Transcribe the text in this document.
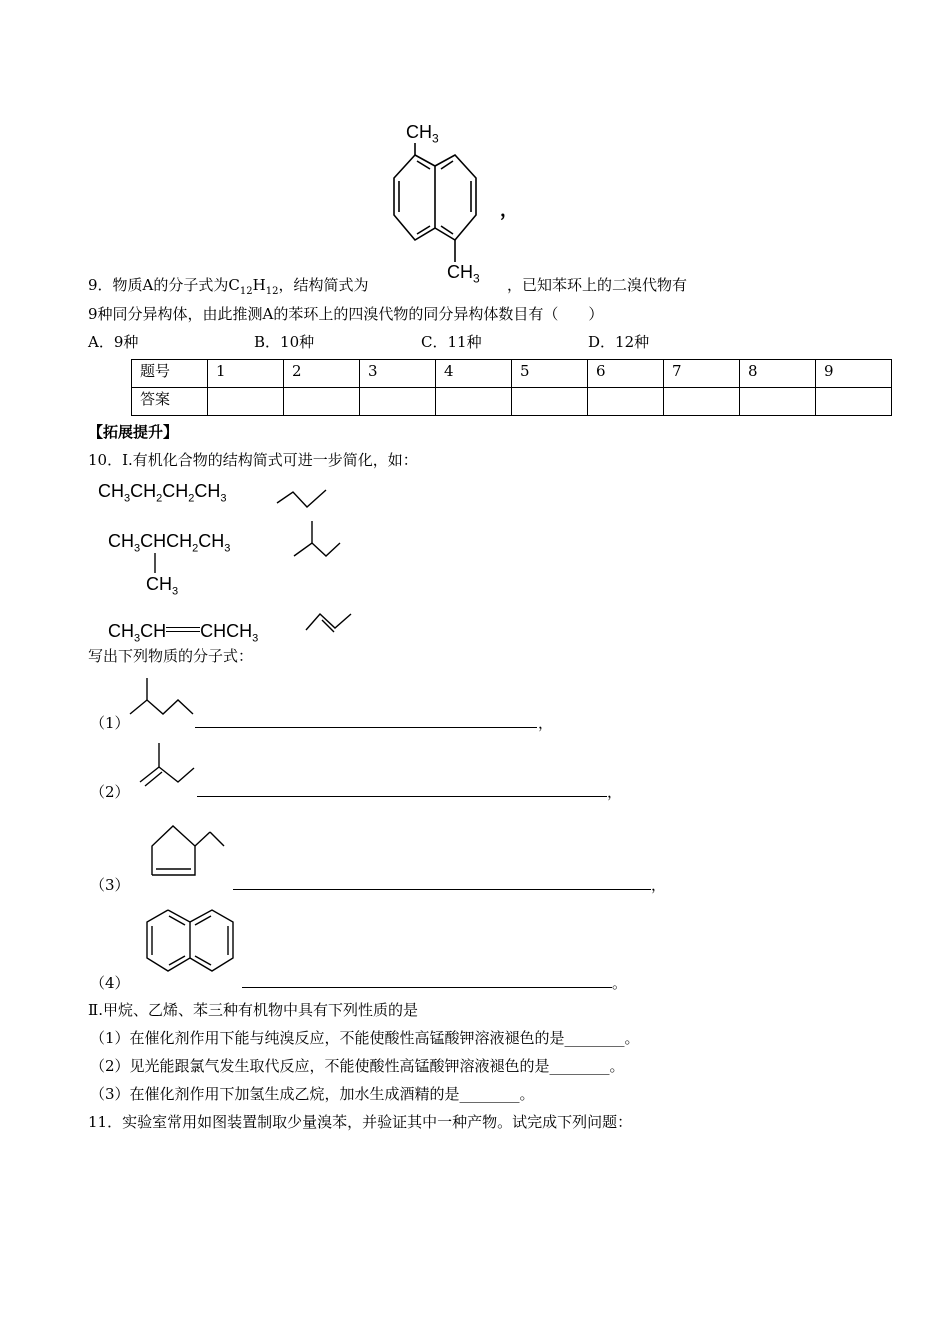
$CH_3$
$CH_3$
，
9．物质A的分子式为$C_{12}H_{12}$，结构简式为	，已知苯环上的二溴代物有
9种同分异构体，由此推测A的苯环上的四溴代物的同分异构体数目有（　　）
A．9种	B．10种	C．11种	D．12种
题号	1	2	3	4	5	6	7	8	9
答案									
【拓展提升】
10．Ⅰ.有机化合物的结构简式可进一步简化，如：
$CH_3CH_2CH_2CH_3$
$CH_3CHCH_2CH_3$
$CH_3$
$CH_3CH$ $CHCH_3$
写出下列物质的分子式：
（1）	，
（2）	，
（3）	，
（4）	。
Ⅱ.甲烷、乙烯、苯三种有机物中具有下列性质的是
（1）在催化剂作用下能与纯溴反应，不能使酸性高锰酸钾溶液褪色的是________。
（2）见光能跟氯气发生取代反应，不能使酸性高锰酸钾溶液褪色的是________。
（3）在催化剂作用下加氢生成乙烷，加水生成酒精的是________。
11．实验室常用如图装置制取少量溴苯，并验证其中一种产物。试完成下列问题：
